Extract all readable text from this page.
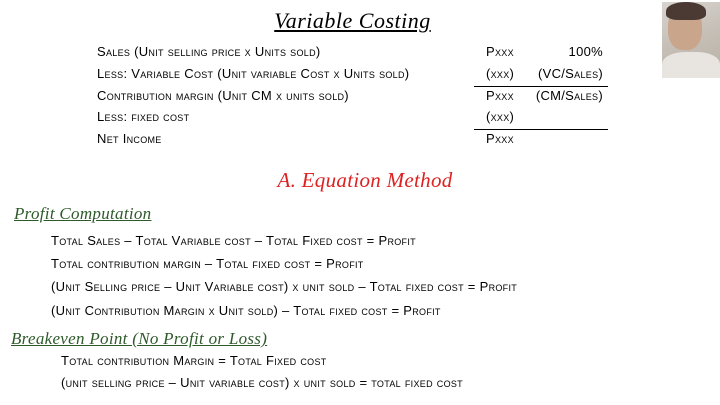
Variable Costing
Sales (Unit selling price x Units sold)	Pxxx	100%
Less: Variable Cost (Unit variable Cost x Units sold)	(xxx) (VC/Sales)
Contribution margin (Unit CM x units sold)	Pxxx (CM/Sales)
Less: fixed cost	(xxx)
Net Income	Pxxx
A. Equation Method
Profit Computation
Total Sales – Total Variable cost – Total Fixed cost = Profit
Total contribution margin – Total fixed cost = Profit
(Unit Selling price – Unit Variable cost) x unit sold – Total fixed cost = Profit
(Unit Contribution Margin x Unit sold) – Total fixed cost = Profit
Breakeven Point (No Profit or Loss)
Total contribution Margin = Total Fixed cost
(unit selling price – Unit variable cost) x unit sold = total fixed cost
